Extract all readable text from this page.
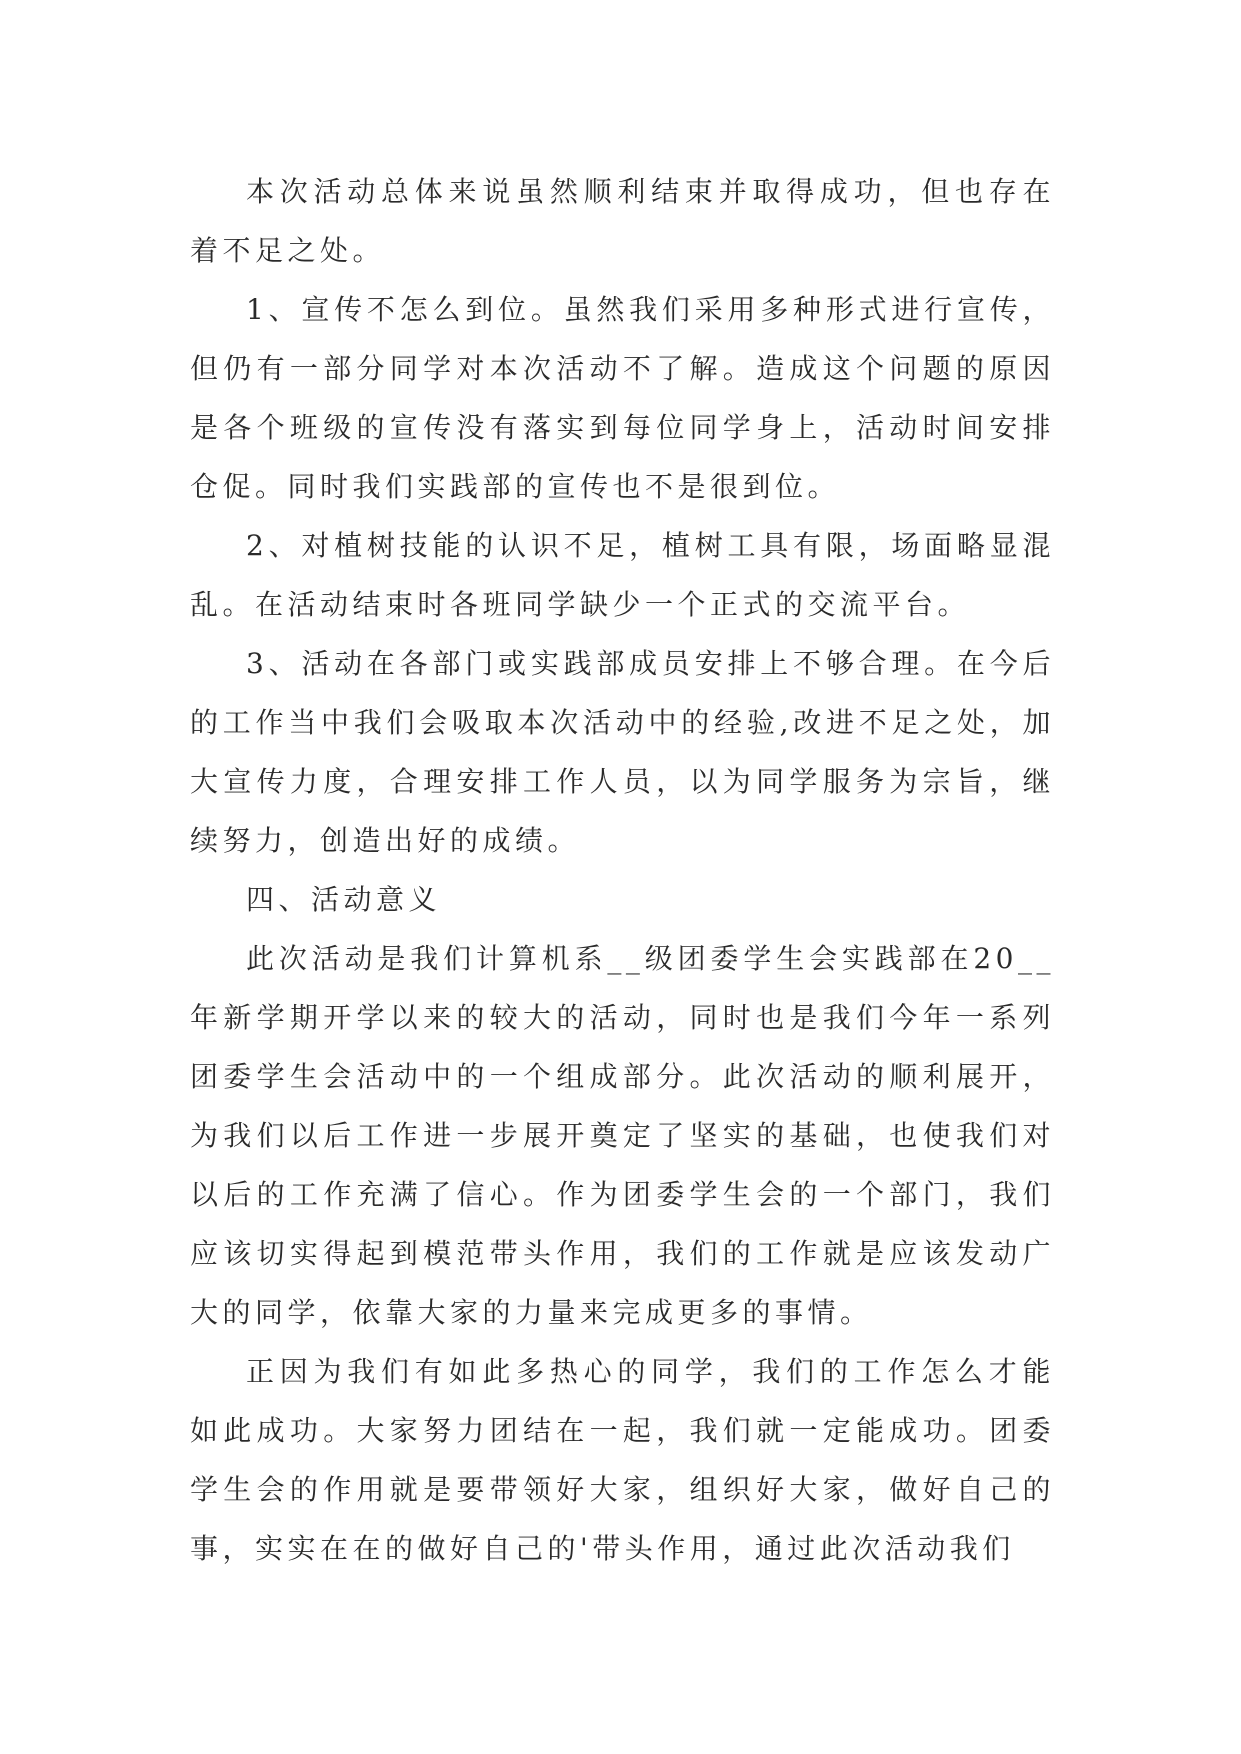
本次活动总体来说虽然顺利结束并取得成功，但也存在着不足之处。

1、宣传不怎么到位。虽然我们采用多种形式进行宣传，但仍有一部分同学对本次活动不了解。造成这个问题的原因是各个班级的宣传没有落实到每位同学身上，活动时间安排仓促。同时我们实践部的宣传也不是很到位。

2、对植树技能的认识不足，植树工具有限，场面略显混乱。在活动结束时各班同学缺少一个正式的交流平台。

3、活动在各部门或实践部成员安排上不够合理。在今后的工作当中我们会吸取本次活动中的经验,改进不足之处，加大宣传力度，合理安排工作人员，以为同学服务为宗旨，继续努力，创造出好的成绩。

四、活动意义

此次活动是我们计算机系__级团委学生会实践部在20__年新学期开学以来的较大的活动，同时也是我们今年一系列团委学生会活动中的一个组成部分。此次活动的顺利展开，为我们以后工作进一步展开奠定了坚实的基础，也使我们对以后的工作充满了信心。作为团委学生会的一个部门，我们应该切实得起到模范带头作用，我们的工作就是应该发动广大的同学，依靠大家的力量来完成更多的事情。

正因为我们有如此多热心的同学，我们的工作怎么才能如此成功。大家努力团结在一起，我们就一定能成功。团委学生会的作用就是要带领好大家，组织好大家，做好自己的事，实实在在的做好自己的'带头作用，通过此次活动我们
